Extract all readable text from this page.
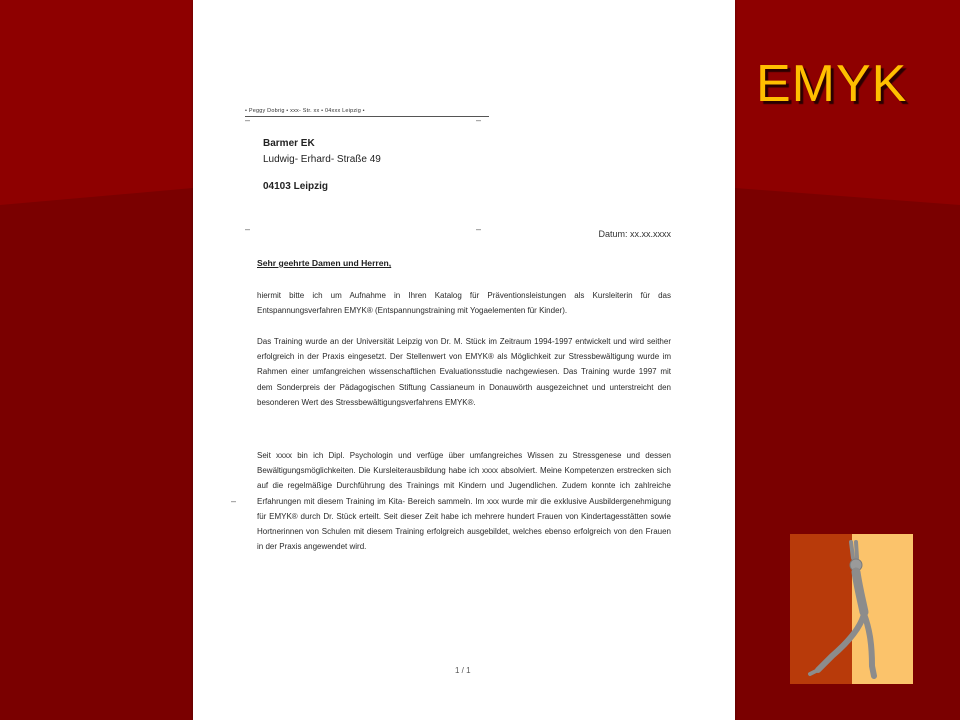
• Peggy Dobrig • xxx- Str. xx • 04xxx Leipzig •
–	–
Barmer EK
Ludwig- Erhard- Straße 49
04103 Leipzig
–	–	Datum: xx.xx.xxxx
Sehr geehrte Damen und Herren,

hiermit bitte ich um Aufnahme in Ihren Katalog für Präventionsleistungen als Kursleiterin für das Entspannungsverfahren EMYK® (Entspannungstraining mit Yogaelementen für Kinder).

Das Training wurde an der Universität Leipzig von Dr. M. Stück im Zeitraum 1994-1997 entwickelt und wird seither erfolgreich in der Praxis eingesetzt. Der Stellenwert von EMYK® als Möglichkeit zur Stressbewältigung wurde im Rahmen einer umfangreichen wissenschaftlichen Evaluationsstudie nachgewiesen. Das Training wurde 1997 mit dem Sonderpreis der Pädagogischen Stiftung Cassianeum in Donauwörth ausgezeichnet und unterstreicht den besonderen Wert des Stressbewältigungsverfahrens EMYK®.

Seit xxxx bin ich Dipl. Psychologin und verfüge über umfangreiches Wissen zu Stressgenese und dessen Bewältigungsmöglichkeiten. Die Kursleiterausbildung habe ich xxxx absolviert. Meine Kompetenzen erstrecken sich auf die regelmäßige Durchführung des Trainings mit Kindern und Jugendlichen. Zudem konnte ich zahlreiche Erfahrungen mit diesem Training im Kita- Bereich sammeln. Im xxx wurde mir die exklusive Ausbildergenehmigung für EMYK® durch Dr. Stück erteilt. Seit dieser Zeit habe ich mehrere hundert Frauen von Kindertagesstätten sowie Hortnerinnen von Schulen mit diesem Training erfolgreich ausgebildet, welches ebenso erfolgreich von den Frauen in der Praxis angewendet wird.

–
1 / 1
EMYK
